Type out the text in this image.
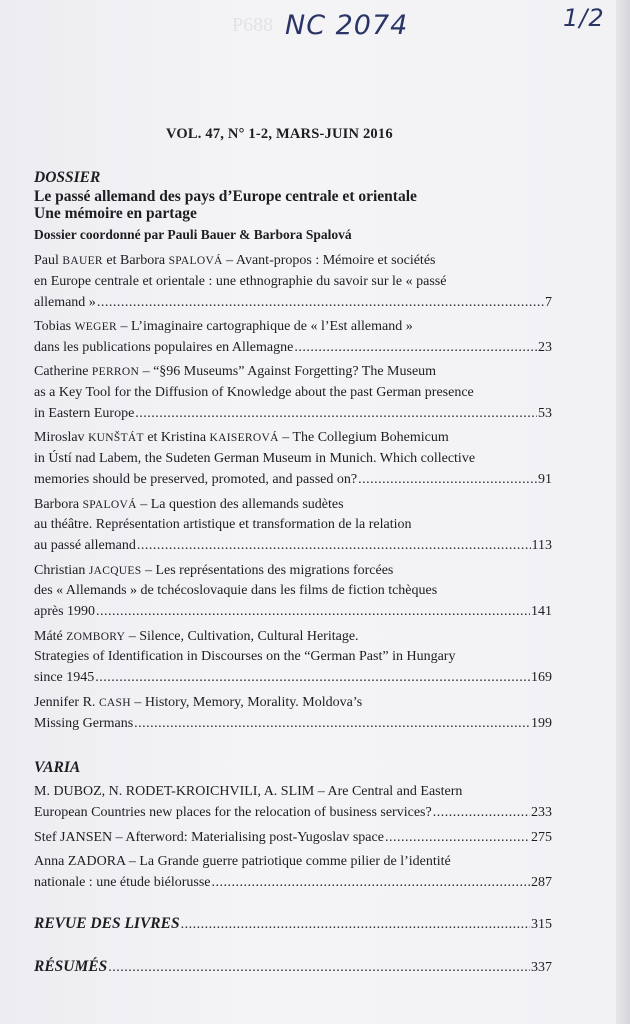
P688 NC 2074	1/2
VOL. 47, N° 1-2, MARS-JUIN 2016
DOSSIER
Le passé allemand des pays d’Europe centrale et orientale
Une mémoire en partage
Dossier coordonné par Pauli Bauer & Barbora Spalová
Paul BAUER et Barbora SPALOVÁ – Avant-propos : Mémoire et sociétés
en Europe centrale et orientale : une ethnographie du savoir sur le « passé
allemand » .....	7
Tobias WEGER – L’imaginaire cartographique de « l’Est allemand »
dans les publications populaires en Allemagne .....	23
Catherine PERRON – “§96 Museums” Against Forgetting? The Museum
as a Key Tool for the Diffusion of Knowledge about the past German presence
in Eastern Europe .....	53
Miroslav KUNŠTÁT et Kristina KAISEROVÁ – The Collegium Bohemicum
in Ústí nad Labem, the Sudeten German Museum in Munich. Which collective
memories should be preserved, promoted, and passed on? .....	91
Barbora SPALOVÁ – La question des allemands sudètes
au théâtre. Représentation artistique et transformation de la relation
au passé allemand .....	113
Christian JACQUES – Les représentations des migrations forcées
des « Allemands » de tchécoslovaquie dans les films de fiction tchèques
après 1990 .....	141
Máté ZOMBORY – Silence, Cultivation, Cultural Heritage.
Strategies of Identification in Discourses on the “German Past” in Hungary
since 1945 .....	169
Jennifer R. CASH – History, Memory, Morality. Moldova’s
Missing Germans .....	199
VARIA
M. DUBOZ, N. RODET-KROICHVILI, A. SLIM – Are Central and Eastern
European Countries new places for the relocation of business services? .....	233
Stef JANSEN – Afterword: Materialising post-Yugoslav space .....	275
Anna ZADORA – La Grande guerre patriotique comme pilier de l’identité
nationale : une étude biélorusse .....	287
REVUE DES LIVRES .....	315
RÉSUMÉS .....	337
